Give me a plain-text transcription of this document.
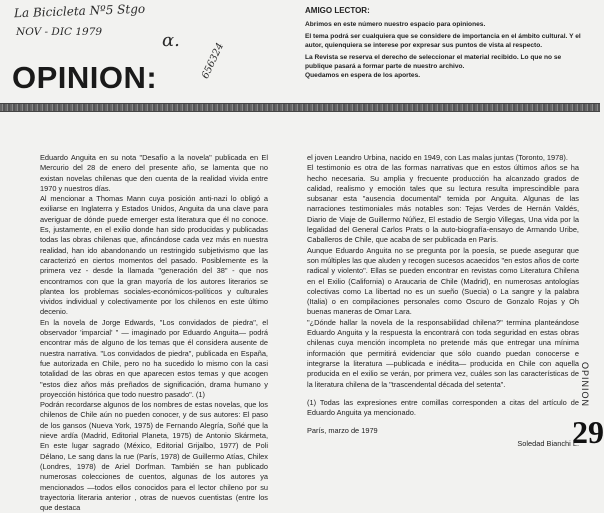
La Bicicleta Nº5 Stgo
NOV - DIC 1979	α.
656324
OPINION:
AMIGO LECTOR:

Abrimos en este número nuestro espacio para opiniones.

El tema podrá ser cualquiera que se considere de importancia en el ámbito cultural. Y el autor, quienquiera se interese por expresar sus puntos de vista al respecto.

La Revista se reserva el derecho de seleccionar el material recibido. Lo que no se publique pasará a formar parte de nuestro archivo.

Quedamos en espera de los aportes.

Eduardo Anguita en su nota "Desafío a la novela" publicada en El Mercurio del 28 de enero del presente año, se lamenta que no existan novelas chilenas que den cuenta de la realidad vivida entre 1970 y nuestros días.

Al mencionar a Thomas Mann cuya posición anti-nazi lo obligó a exiliarse en Inglaterra y Estados Unidos, Anguita da una clave para averiguar de dónde puede emerger esta literatura que él no conoce. Es, justamente, en el exilio donde han sido producidas y publicadas todas las obras chilenas que, afincándose cada vez más en nuestra realidad, han ido abandonando un restringido subjetivismo que las caracterizó en ciertos momentos del pasado. Posiblemente es la primera vez - desde la llamada "generación del 38" - que nos encontramos con que la gran mayoría de los autores literarios se plantea los problemas sociales-económicos-políticos y culturales vividos individual y colectivamente por los chilenos en este último decenio.

En la novela de Jorge Edwards, "Los convidados de piedra", el observador 'imparcial' " — imaginado por Eduardo Anguita— podrá encontrar más de alguno de los temas que él considera ausente de nuestra narrativa. "Los convidados de piedra", publicada en España, fue autorizada en Chile, pero no ha sucedido lo mismo con la casi totalidad de las obras en que aparecen estos temas y que acogen "estos diez años más preñados de significación, drama humano y proyección histórica que todo nuestro pasado". (1)

Podrán recordarse algunos de los nombres de estas novelas, que los chilenos de Chile aún no pueden conocer, y de sus autores: El paso de los gansos (Nueva York, 1975) de Fernando Alegría, Soñé que la nieve ardía (Madrid, Editorial Planeta, 1975) de Antonio Skármeta, En este lugar sagrado (México, Editorial Grijalbo, 1977) de Poli Délano, Le sang dans la rue (París, 1978) de Guillermo Atías, Chilex (Londres, 1978) de Ariel Dorfman. También se han publicado numerosas colecciones de cuentos, algunas de los autores ya mencionados —todos ellos conocidos para el lector chileno por su trayectoria literaria anterior , otras de nuevos cuentistas (entre los que destaca

el joven Leandro Urbina, nacido en 1949, con Las malas juntas (Toronto, 1978).

El testimonio es otra de las formas narrativas que en estos últimos años se ha hecho necesaria. Su amplia y frecuente producción ha alcanzado grados de calidad, realismo y emoción tales que su lectura resulta imprescindible para subsanar esta "ausencia documental" temida por Anguita. Algunas de las narraciones testimoniales más notables son: Tejas Verdes de Hernán Valdés, Diario de Viaje de Guillermo Núñez, El estadio de Sergio Villegas, Una vida por la legalidad del General Carlos Prats o la auto-biografía-ensayo de Armando Uribe, Caballeros de Chile, que acaba de ser publicada en París.

Aunque Eduardo Anguita no se pregunta por la poesía, se puede asegurar que son múltiples las que aluden y recogen sucesos acaecidos "en estos años de corte radical y violento". Ellas se pueden encontrar en revistas como Literatura Chilena en el Exilio (California) o Araucaria de Chile (Madrid), en numerosas antologías colectivas como La libertad no es un sueño (Suecia) o La sangre y la palabra (Italia) o en compilaciones personales como Oscuro de Gonzalo Rojas y Oh buenas maneras de Omar Lara.

"¿Dónde hallar la novela de la responsabilidad chilena?" termina planteándose Eduardo Anguita y la respuesta la encontrará con toda seguridad en estas obras chilenas cuya mención incompleta no pretende más que entregar una mínima información que permitirá evidenciar que sólo cuando puedan conocerse e integrarse la literatura —publicada e inédita— producida en Chile con aquella producida en el exilio se verán, por primera vez, cuáles son las características de la literatura chilena de la "trascendental década del setenta".

(1) Todas las expresiones entre comillas corresponden a citas del artículo de Eduardo Anguita ya mencionado.

París, marzo de 1979

Soledad Bianchi L.

OPINION
29
